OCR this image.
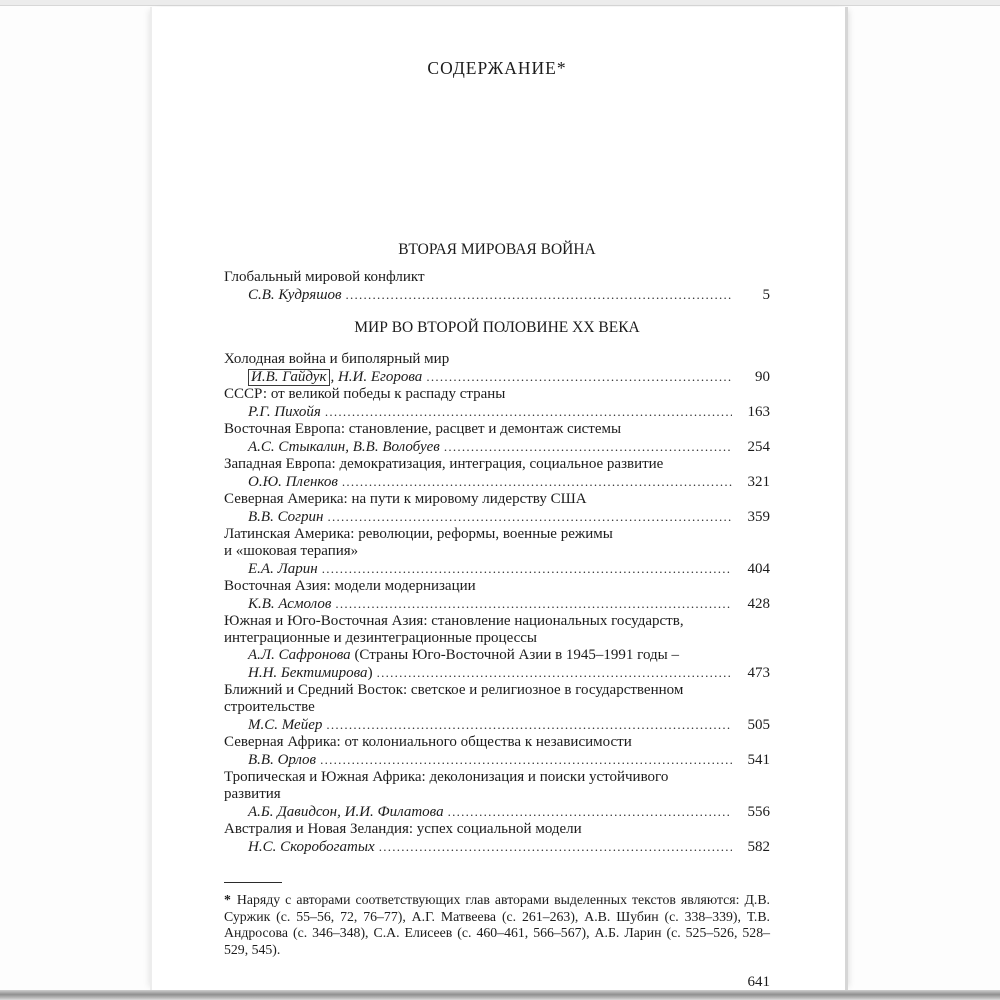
СОДЕРЖАНИЕ*
ВТОРАЯ МИРОВАЯ ВОЙНА
Глобальный мировой конфликт
С.В. Кудряшов . . .	5
МИР ВО ВТОРОЙ ПОЛОВИНЕ XX ВЕКА
Холодная война и биполярный мир
И.В. Гайдук , Н.И. Егорова . . .	90
СССР: от великой победы к распаду страны
Р.Г. Пихойя . . .	163
Восточная Европа: становление, расцвет и демонтаж системы
А.С. Стыкалин, В.В. Волобуев . . .	254
Западная Европа: демократизация, интеграция, социальное развитие
О.Ю. Пленков . . .	321
Северная Америка: на пути к мировому лидерству США
В.В. Согрин . . .	359
Латинская Америка: революции, реформы, военные режимы
и «шоковая терапия»
Е.А. Ларин . . .	404
Восточная Азия: модели модернизации
К.В. Асмолов . . .	428
Южная и Юго-Восточная Азия: становление национальных государств,
интеграционные и дезинтеграционные процессы
А.Л. Сафронова (Страны Юго-Восточной Азии в 1945–1991 годы –
Н.Н. Бектимирова) . . .	473
Ближний и Средний Восток: светское и религиозное в государственном
строительстве
М.С. Мейер . . .	505
Северная Африка: от колониального общества к независимости
В.В. Орлов . . .	541
Тропическая и Южная Африка: деколонизация и поиски устойчивого
развития
А.Б. Давидсон, И.И. Филатова . . .	556
Австралия и Новая Зеландия: успех социальной модели
Н.С. Скоробогатых . . .	582

* Наряду с авторами соответствующих глав авторами выделенных текстов являются: Д.В. Суржик (с. 55–56, 72, 76–77), А.Г. Матвеева (с. 261–263), А.В. Шубин (с. 338–339), Т.В. Андросова (с. 346–348), С.А. Елисеев (с. 460–461, 566–567), А.Б. Ларин (с. 525–526, 528–529, 545).

641
